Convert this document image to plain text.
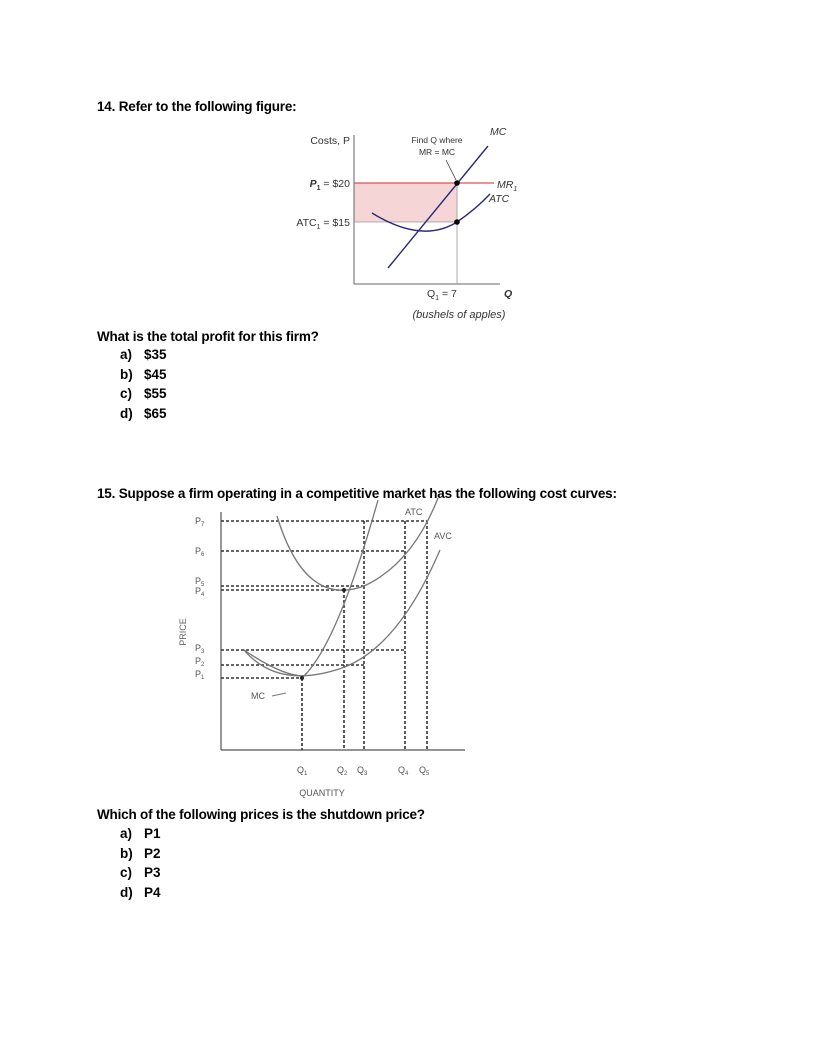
14. Refer to the following figure:
Costs, P
$P_1$ = $20
$ATC_1$ = $15
Find Q where
MR = MC
MC
$MR_1$
ATC
$Q_1 = 7$	Q
(bushels of apples)
What is the total profit for this firm?
a) $35
b) $45
c) $55
d) $65
15. Suppose a firm operating in a competitive market has the following cost curves:
PRICE
$P_7$
$P_6$
$P_5$
$P_4$
$P_3$
$P_2$
$P_1$
$Q_1$	$Q_2$ $Q_3$	$Q_4$ $Q_5$
ATC
AVC
MC
QUANTITY
Which of the following prices is the shutdown price?
a) P1
b) P2
c) P3
d) P4
